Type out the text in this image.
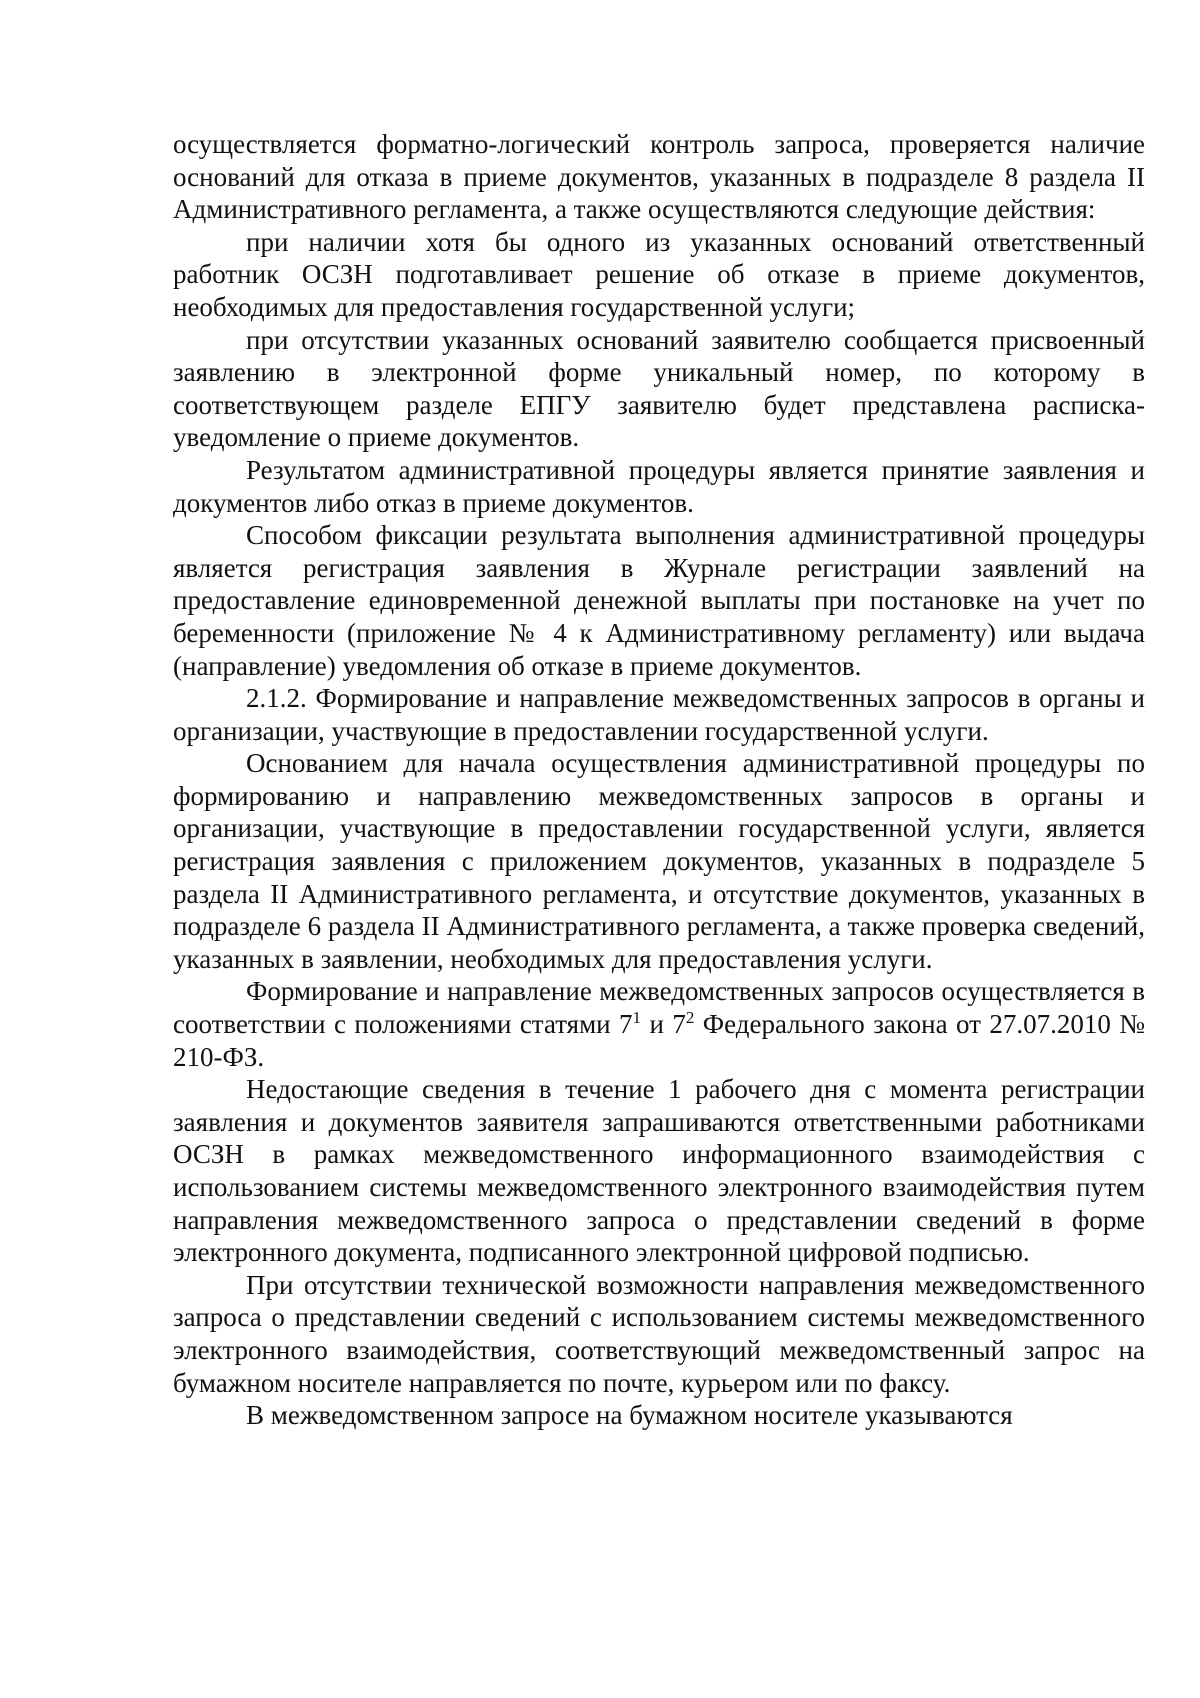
осуществляется форматно-логический контроль запроса, проверяется наличие оснований для отказа в приеме документов, указанных в подразделе 8 раздела II Административного регламента, а также осуществляются следующие действия:

при наличии хотя бы одного из указанных оснований ответственный работник ОСЗН подготавливает решение об отказе в приеме документов, необходимых для предоставления государственной услуги;

при отсутствии указанных оснований заявителю сообщается присвоенный заявлению в электронной форме уникальный номер, по которому в соответствующем разделе ЕПГУ заявителю будет представлена расписка-уведомление о приеме документов.

Результатом административной процедуры является принятие заявления и документов либо отказ в приеме документов.

Способом фиксации результата выполнения административной процедуры является регистрация заявления в Журнале регистрации заявлений на предоставление единовременной денежной выплаты при постановке на учет по беременности (приложение № 4 к Административному регламенту) или выдача (направление) уведомления об отказе в приеме документов.

2.1.2. Формирование и направление межведомственных запросов в органы и организации, участвующие в предоставлении государственной услуги.

Основанием для начала осуществления административной процедуры по формированию и направлению межведомственных запросов в органы и организации, участвующие в предоставлении государственной услуги, является регистрация заявления с приложением документов, указанных в подразделе 5 раздела II Административного регламента, и отсутствие документов, указанных в подразделе 6 раздела II Административного регламента, а также проверка сведений, указанных в заявлении, необходимых для предоставления услуги.

Формирование и направление межведомственных запросов осуществляется в соответствии с положениями статями $7^1$ и $7^2$ Федерального закона от 27.07.2010 № 210-ФЗ.

Недостающие сведения в течение 1 рабочего дня с момента регистрации заявления и документов заявителя запрашиваются ответственными работниками ОСЗН в рамках межведомственного информационного взаимодействия с использованием системы межведомственного электронного взаимодействия путем направления межведомственного запроса о представлении сведений в форме электронного документа, подписанного электронной цифровой подписью.

При отсутствии технической возможности направления межведомственного запроса о представлении сведений с использованием системы межведомственного электронного взаимодействия, соответствующий межведомственный запрос на бумажном носителе направляется по почте, курьером или по факсу.

В межведомственном запросе на бумажном носителе указываются
